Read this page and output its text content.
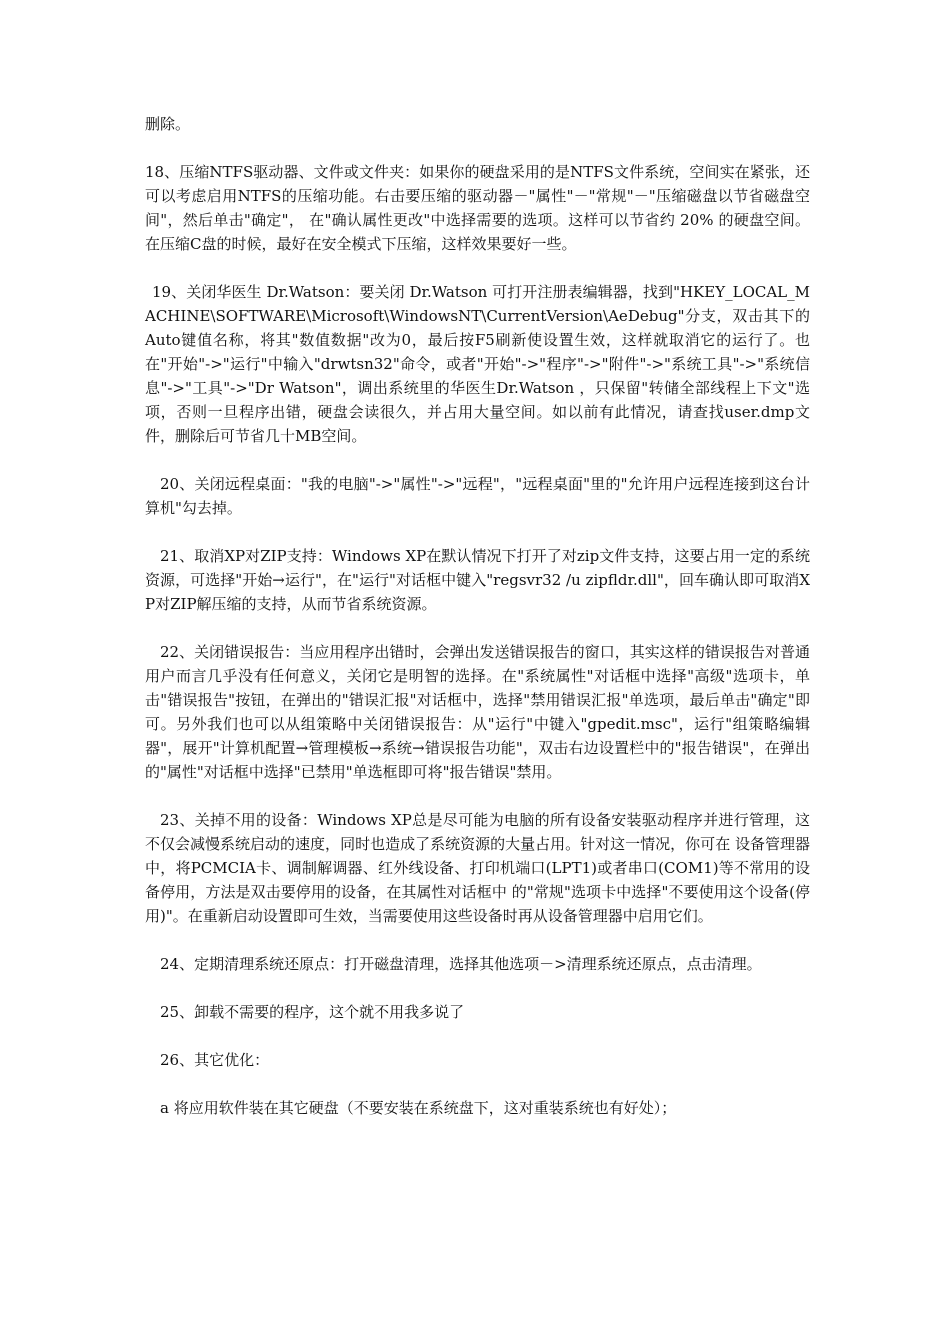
删除。

18、压缩NTFS驱动器、文件或文件夹：如果你的硬盘采用的是NTFS文件系统，空间实在紧张，还可以考虑启用NTFS的压缩功能。右击要压缩的驱动器－"属性"－"常规"－"压缩磁盘以节省磁盘空间"，然后单击"确定"， 在"确认属性更改"中选择需要的选项。这样可以节省约 20% 的硬盘空间。在压缩C盘的时候，最好在安全模式下压缩，这样效果要好一些。

19、关闭华医生 Dr.Watson：要关闭 Dr.Watson 可打开注册表编辑器，找到"HKEY_LOCAL_MACHINE\SOFTWARE\Microsoft\WindowsNT\CurrentVersion\AeDebug"分支，双击其下的Auto键值名称，将其"数值数据"改为0，最后按F5刷新使设置生效，这样就取消它的运行了。也在"开始"->"运行"中输入"drwtsn32"命令，或者"开始"->"程序"->"附件"->"系统工具"->"系统信息"->"工具"->"Dr Watson"，调出系统里的华医生Dr.Watson ，只保留"转储全部线程上下文"选项，否则一旦程序出错，硬盘会读很久，并占用大量空间。如以前有此情况，请查找user.dmp文件，删除后可节省几十MB空间。

20、关闭远程桌面："我的电脑"->"属性"->"远程"，"远程桌面"里的"允许用户远程连接到这台计算机"勾去掉。

21、取消XP对ZIP支持：Windows XP在默认情况下打开了对zip文件支持，这要占用一定的系统资源，可选择"开始→运行"，在"运行"对话框中键入"regsvr32 /u zipfldr.dll"，回车确认即可取消XP对ZIP解压缩的支持，从而节省系统资源。

22、关闭错误报告：当应用程序出错时，会弹出发送错误报告的窗口，其实这样的错误报告对普通用户而言几乎没有任何意义，关闭它是明智的选择。在"系统属性"对话框中选择"高级"选项卡，单击"错误报告"按钮，在弹出的"错误汇报"对话框中，选择"禁用错误汇报"单选项，最后单击"确定"即可。另外我们也可以从组策略中关闭错误报告：从"运行"中键入"gpedit.msc"，运行"组策略编辑器"，展开"计算机配置→管理模板→系统→错误报告功能"，双击右边设置栏中的"报告错误"，在弹出的"属性"对话框中选择"已禁用"单选框即可将"报告错误"禁用。

23、关掉不用的设备：Windows XP总是尽可能为电脑的所有设备安装驱动程序并进行管理，这不仅会减慢系统启动的速度，同时也造成了系统资源的大量占用。针对这一情况，你可在 设备管理器中，将PCMCIA卡、调制解调器、红外线设备、打印机端口(LPT1)或者串口(COM1)等不常用的设备停用，方法是双击要停用的设备，在其属性对话框中 的"常规"选项卡中选择"不要使用这个设备(停用)"。在重新启动设置即可生效，当需要使用这些设备时再从设备管理器中启用它们。

24、定期清理系统还原点：打开磁盘清理，选择其他选项－>清理系统还原点，点击清理。

25、卸载不需要的程序，这个就不用我多说了

26、其它优化：

a 将应用软件装在其它硬盘（不要安装在系统盘下，这对重装系统也有好处）；
